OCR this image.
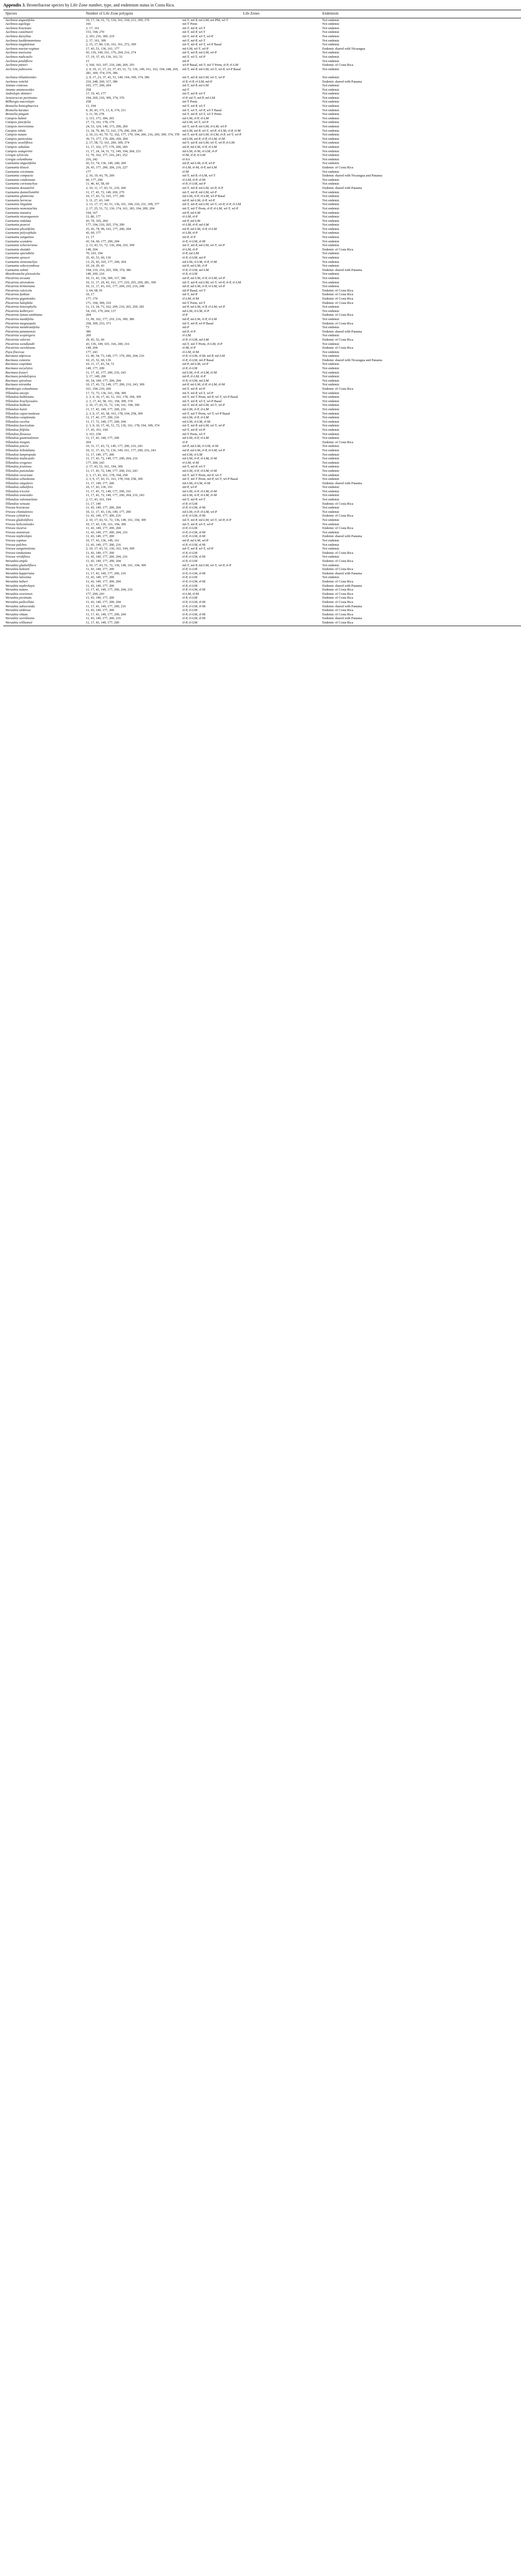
Appendix 3. Bromeliaceae species by Life Zone number, type, and endemism status in Costa Rica.

Species	Number of Life Zone polygons	Life Zones	Endemism
Aechmea angustifolia	10, 17, 34, 51, 72, 136, 161, 194, 231, 309, 370	mf-T, mf-P, mf-LM, mf-PM, wf-T	Not endemic
Aechmea aquilega	166	mf-T Prem	Not endemic
Aechmea bracteata	2, 17, 161	mf-T, mf-P, wf-T	Not endemic
Aechmea castelnavii	153, 194, 270	mf-T, mf-P, wf-T	Not endemic
Aechmea dactylina	2, 103, 216, 309, 219	mf-T, mf-P, wf-T, wf-P	Not endemic
Aechmea lueddemanniana	2, 17, 161, 309	mf-T, mf-P, wf-T	Not endemic
Aechmea magdalenae	2, 15, 17, 80, 136, 161, 161, 272, 309	mf-T, mf-P, wf-T, wf-P Basal	Not endemic
Aechmea mariae-reginae	17, 43, 51, 136, 161, 177	mf-LM, wf-T, wf-P	Endemic shared with Nicaragua
Aechmea mexicana	43, 136, 149, 161, 176, 204, 216, 274	mf-T, mf-P, mf-LM, wf-P	Not endemic
Aechmea nudicaulis	17, 19, 37, 43, 136, 161, 51	mf-T, wf-T, wf-P	Not endemic
Aechmea pendiflora	15	mf-P	Not endemic
Aechmea pittieri	3, 160, 161, 197, 210, 240, 269, 293	wf-P Basal, mf-T, mf-T Prem, rf-P, rf-LM	Endemic of Costa Rica
Aechmea pubescens	2, 9, 10, 11, 17, 23, 37, 43, 51, 72, 136, 149, 161, 163, 194, 248, 269, 281, 309, 374, 376, 386	mf-T, mf-P, mf-LM, wf-T, wf-P, wf-P Basal	Not endemic
Aechmea tillandsioides	2, 9, 17, 23, 37, 43, 51, 149, 194, 309, 374, 386	mf-T, mf-P, mf-LM, wf-T, wf-P	Not endemic
Aechmea veitchii	210, 248, 269, 317, 386	rf-P, rf-P, rf-LM, mf-P	Endemic shared with Panama
Ananas comosus	165, 177, 200, 204	mf-T, mf-P, mf-LM	Not endemic
Ananas ananassoides	258	mf-T	Not endemic
Androlepis skinneri	17, 19, 43, 177	mf-T, mf-P, wf-T	Not endemic
Araeococcus pectinatus	194, 269, 210, 309, 374, 376	rf-P, mf-T, mf-P, mf-LM	Not endemic
Billbergia macrolepis	258	mf-T Prem	Not endemic
Bromelia hemisphaerica	11, 194	mf-T, mf-P, wf-T	Not endemic
Bromelia karatas	9, 20, 43, 171, 13, 8, 174, 211	mf-T, wf-T, wf-P, wf-T Basal	Not endemic
Bromelia pinguin	3, 11, 50, 278	mf-T, mf-P, wf-T, wf-T Prem	Not endemic
Catopsis hahnii	3, 115, 173, 184, 265	mf-LM, rf-P, rf-LM	Not endemic
Catopsis juncifolia	17, 72, 161, 178, 179	mf-LM, wf-T, wf-P	Not endemic
Catopsis morreniana	24, 53, 124, 149, 173, 200, 269	mf-T, mf-P, mf-LM, rf-LM, wf-P	Not endemic
Catopsis nitida	11, 34, 79, 80, 72, 162, 179, 200, 204, 245	mf-LM, mf-P, wf-T, wf-P, rf-LM, rf-P, rf-M	Not endemic
Catopsis nutans	2, 10, 21, 43, 70, 72, 162, 177, 179, 194, 200, 216, 269, 309, 374, 378	mf-T, mf-P, mf-LM, rf-LM, rf-P, wf-T, wf-P	Not endemic
Catopsis paniculata	39, 73, 177, 179, 200, 269, 294	mf-LM, mf-P, rf-P, rf-LM, rf-M	Not endemic
Catopsis sessiliflora	2, 17, 58, 72, 161, 200, 309, 374	mf-T, mf-P, mf-LM, wf-T, wf-P, rf-LM	Not endemic
Catopsis subulata	11, 17, 162, 177, 179, 200, 269	mf-P, mf-LM, rf-P, rf-LM	Not endemic
Catopsis wangerinii	11, 17, 24, 34, 51, 72, 149, 194, 204, 231	mf-LM, rf-M, rf-LM, rf-P	Not endemic
Greigia sylvicola	11, 70, 162, 177, 216, 241, 252	rf-M, rf-P, rf-LM	Not endemic
Greigia columbiana	216, 242	rf-SA	Not endemic
Guzmania angustifolia	43, 51, 74, 136, 149, 249, 269	mf-P, mf-LM, rf-P, wf-P	Not endemic
Guzmania blassii	29, 43, 177, 200, 206, 216, 227	rf-LM, rf-M, rf-P, mf-LM	Endemic of Costa Rica
Guzmania circinnata	177	rf-M	Not endemic
Guzmania compacta	2, 10, 19, 43, 79, 200	mf-T, mf-P, rf-LM, wf-T	Endemic shared with Nicaragua and Panama
Guzmania condensata	60, 177, 200	rf-LM, rf-P, rf-M	Not endemic
Guzmania coriostachya	11, 40, 43, 58, 60	rf-P, rf-LM, mf-P	Not endemic
Guzmania desautelsii	2, 10, 11, 17, 43, 51, 210, 269	mf-T, mf-P, mf-LM, wf-P, rf-P	Endemic shared with Panama
Guzmania donnellsmithii	11, 17, 43, 72, 149, 269, 279	mf-T, mf-P, mf-LM, wf-P	Not endemic
Guzmania glomerata	10, 17, 43, 72, 165, 177, 200	mf-LM, rf-P, rf-LM, wf-P Basal	Not endemic
Guzmania herrerae	3, 11, 27, 43, 149	mf-P, mf-LM, rf-P, wf-P	Not endemic
Guzmania lingulata	3, 13, 17, 17, 43, 51, 136, 161, 194, 210, 231, 309, 377	mf-T, mf-P, mf-LM, wf-T, wf-P, rf-P, rf-LM	Not endemic
Guzmania monostachia	2, 17, 25, 51, 72, 136, 174, 161, 183, 194, 200, 204	mf-T, mf-T Prem, rf-P, rf-LM, wf-T, wf-P	Not endemic
Guzmania musaica	194, 167	mf-P, mf-LM	Not endemic
Guzmania nicaraguensis	11, 80, 177	rf-LM, rf-P	Not endemic
Guzmania nidulata	43, 70, 165, 204	mf-P, mf-LM	Not endemic
Guzmania pearcei	177, 194, 210, 265, 374, 200	rf-LM, rf-P, mf-LM	Not endemic
Guzmania plicatifolia	25, 43, 74, 99, 165, 177, 200, 204	mf-P, mf-LM, rf-P, rf-LM	Not endemic
Guzmania polycephala	43, 60, 177	rf-LM, rf-P	Not endemic
Guzmania sanguinea	11, 17	mf-P, rf-P	Not endemic
Guzmania scandens	43, 54, 60, 177, 200, 204	rf-P, rf-LM, rf-M	Not endemic
Guzmania scherzeriana	2, 13, 43, 51, 72, 136, 204, 210, 309	mf-T, mf-P, mf-LM, wf-T, wf-P	Not endemic
Guzmania skotakii	149, 204	rf-LM, rf-P	Endemic of Costa Rica
Guzmania spectabilis	70, 165, 194	rf-P, mf-LM	Not endemic
Guzmania sprucei	35, 43, 53, 60, 136	rf-P, rf-LM, mf-P	Not endemic
Guzmania stenostachya	13, 25, 43, 165, 177, 200, 204	mf-LM, rf-LM, rf-P, rf-M	Not endemic
Guzmania subcorymbosa	10, 24, 29, 43	mf-P, mf-LM, rf-P	Not endemic
Guzmania zahnii	194, 210, 216, 265, 309, 374, 386	rf-P, rf-LM, mf-LM	Endemic shared with Panama
Mezobromelia pleiosticha	149, 200, 210	rf-P, rf-LM	Not endemic
Pitcairnia arcuata	10, 11, 43, 136, 309, 317, 386	mf-P, mf-LM, rf-P, rf-LM, wf-P	Not endemic
Pitcairnia atrorubens	10, 11, 17, 29, 43, 161, 177, 210, 265, 269, 281, 309	mf-T, mf-P, mf-LM, wf-T, wf-P, rf-P, rf-LM	Not endemic
Pitcairnia brittoniana	10, 11, 17, 43, 161, 177, 204, 210, 216, 248	mf-P, mf-LM, rf-P, rf-LM, wf-P	Not endemic
Pitcairnia calcicola	3, 64, 68, 91	mf-P Basal, wf-T	Endemic of Costa Rica
Pitcairnia funkiae	10, 17	mf-T, mf-P	Endemic of Costa Rica
Pitcairnia gigantoides	177, 179	rf-LM, rf-M	Endemic of Costa Rica
Pitcairnia halophila	171, 194, 309, 210	mf-T Prem, wf-T	Endemic of Costa Rica
Pitcairnia heterophylla	11, 13, 24, 73, 162, 209, 210, 265, 269, 281	mf-P, mf-LM, rf-P, rf-LM, wf-P	Not endemic
Pitcairnia kalbreyeri	54, 165, 179, 204, 137	mf-LM, rf-LM, rf-P	Not endemic
Pitcairnia lyman-smithiana	204	rf-P	Endemic of Costa Rica
Pitcairnia maidifolia	11, 99, 162, 177, 210, 216, 309, 386	mf-P, mf-LM, rf-P, rf-LM	Not endemic
Pitcairnia megasepala	258, 309, 253, 373	mf-T, mf-P, wf-P Basal	Endemic of Costa Rica
Pitcairnia membranifolia	73	mf-P	Not endemic
Pitcairnia panamensis	386	mf-P, rf-P	Endemic shared with Panama
Pitcairnia sceptrigera	209	rf-LM	Not endemic
Pitcairnia valerioi	29, 43, 52, 60	rf-P, rf-LM, mf-LM	Endemic of Costa Rica
Pitcairnia wendlandii	43, 136, 149, 165, 166, 200, 216	mf-T, mf-T Prem, rf-LM, rf-P	Not endemic
Pitcairnia werckleana	149, 204	rf-M, rf-P	Endemic of Costa Rica
Puya floccosa	177, 243	rf-LM, rf-M	Not endemic
Racinaea adpressa	11, 40, 54, 73, 149, 177, 179, 200, 204, 216	rf-P, rf-LM, rf-M, mf-P, mf-LM	Not endemic
Racinaea contorta	10, 25, 52, 60, 136	rf-P, rf-LM, mf-P Basal	Endemic shared with Nicaragua and Panama
Racinaea cuspidata	10, 11, 17, 43, 54, 72	mf-P, mf-LM, wf-P	Not endemic
Racinaea euryelytra	149, 177, 200	rf-P, rf-LM	Not endemic
Racinaea fraseri	11, 17, 43, 177, 200, 216, 243	mf-LM, rf-P, rf-LM, rf-M	Not endemic
Racinaea pendulispica	3, 17, 149, 200	mf-P, rf-LM, rf-P	Not endemic
Racinaea spiculosa	43, 54, 149, 177, 200, 204	rf-P, rf-LM, mf-LM	Not endemic
Racinaea tetrantha	10, 17, 43, 72, 149, 177, 200, 216, 243, 309	mf-P, mf-LM, rf-P, rf-LM, rf-M	Not endemic
Ronnbergia columbiana	161, 194, 210, 269	mf-T, mf-P, wf-P	Endemic of Costa Rica
Tillandsia anceps	17, 72, 73, 136, 161, 194, 309	mf-T, mf-P, wf-T, wf-P	Not endemic
Tillandsia balbisiana	2, 3, 9, 10, 17, 43, 51, 161, 178, 194, 309	mf-T, mf-T Prem, mf-P, wf-T, wf-P Basal	Not endemic
Tillandsia brachycaulos	2, 3, 17, 43, 58, 161, 194, 309, 374	mf-T, mf-P, wf-T, wf-P Basal	Not endemic
Tillandsia bulbosa	2, 10, 17, 43, 51, 72, 136, 161, 194, 309	mf-T, mf-P, mf-LM, wf-T, wf-P	Not endemic
Tillandsia butzii	11, 17, 43, 149, 177, 200, 216	mf-LM, rf-P, rf-LM	Not endemic
Tillandsia caput-medusae	2, 3, 9, 17, 43, 58, 161, 178, 194, 258, 309	mf-T, mf-T Prem, wf-T, wf-P Basal	Not endemic
Tillandsia complanata	11, 17, 43, 177, 200, 216	mf-LM, rf-P, rf-LM	Not endemic
Tillandsia excelsa	11, 17, 72, 149, 177, 200, 204	mf-LM, rf-LM, rf-M	Not endemic
Tillandsia fasciculata	2, 3, 9, 10, 17, 43, 51, 72, 136, 161, 178, 194, 309, 374	mf-T, mf-P, mf-LM, wf-T, wf-P	Not endemic
Tillandsia filifolia	17, 43, 161, 194	mf-T, mf-P, wf-P	Not endemic
Tillandsia flexuosa	3, 161, 258	mf-T Prem, wf-T	Not endemic
Tillandsia guatemalensis	11, 17, 43, 149, 177, 200	mf-LM, rf-P, rf-LM	Not endemic
Tillandsia insignis	204	rf-P	Endemic of Costa Rica
Tillandsia juncea	10, 11, 17, 43, 72, 149, 177, 200, 216, 243	mf-P, mf-LM, rf-LM, rf-M	Not endemic
Tillandsia leiboldiana	10, 11, 17, 43, 72, 136, 149, 161, 177, 200, 216, 243	mf-P, mf-LM, rf-P, rf-LM, wf-P	Not endemic
Tillandsia lampropoda	11, 17, 149, 177, 200	mf-LM, rf-LM	Not endemic
Tillandsia multicaulis	11, 17, 43, 72, 149, 177, 200, 204, 216	mf-LM, rf-P, rf-LM, rf-M	Not endemic
Tillandsia orogenes	177, 200, 243	rf-LM, rf-M	Not endemic
Tillandsia pruinosa	2, 17, 43, 51, 161, 194, 309	mf-T, mf-P, wf-T	Not endemic
Tillandsia punctulata	11, 17, 43, 72, 149, 177, 200, 216, 243	mf-LM, rf-P, rf-LM, rf-M	Not endemic
Tillandsia recurvata	2, 3, 17, 43, 161, 178, 194, 258	mf-T, mf-T Prem, mf-P, wf-T	Not endemic
Tillandsia schiedeana	2, 3, 9, 17, 43, 51, 161, 178, 194, 258, 309	mf-T, mf-T Prem, mf-P, wf-T, wf-P Basal	Not endemic
Tillandsia singularis	11, 17, 149, 177, 200	mf-LM, rf-LM, rf-M	Endemic shared with Panama
Tillandsia subulifera	10, 17, 43, 136, 161	mf-P, wf-P	Not endemic
Tillandsia tricolor	11, 17, 43, 72, 149, 177, 200, 216	mf-LM, rf-P, rf-LM, rf-M	Not endemic
Tillandsia usneoides	11, 17, 43, 72, 149, 177, 200, 204, 216, 243	mf-LM, rf-P, rf-LM, rf-M	Not endemic
Tillandsia valenzuelana	2, 17, 43, 161, 194	mf-T, mf-P, wf-T	Not endemic
Tillandsia venusta	11, 17, 149	rf-P, rf-LM	Endemic of Costa Rica
Vriesea bracteosa	11, 43, 149, 177, 200, 204	rf-P, rf-LM, rf-M	Not endemic
Vriesea chontalensis	10, 11, 17, 43, 136, 149, 177, 200	mf-LM, rf-P, rf-LM, wf-P	Not endemic
Vriesea cylindrica	11, 43, 149, 177, 200, 216	rf-P, rf-LM, rf-M	Endemic of Costa Rica
Vriesea gladioliflora	2, 10, 17, 43, 51, 72, 136, 149, 161, 194, 309	mf-T, mf-P, mf-LM, wf-T, wf-P, rf-P	Not endemic
Vriesea heliconioides	10, 17, 43, 136, 161, 194, 309	mf-T, mf-P, wf-T, wf-P	Not endemic
Vriesea incurva	11, 43, 149, 177, 200, 204	rf-P, rf-LM	Endemic of Costa Rica
Vriesea monstrum	11, 43, 149, 177, 200, 204, 216	rf-P, rf-LM, rf-M	Not endemic
Vriesea nephrolepis	11, 43, 149, 177, 200	rf-P, rf-LM, rf-M	Endemic shared with Panama
Vriesea ospinae	10, 17, 43, 136, 149, 161	mf-P, mf-LM, wf-P	Not endemic
Vriesea pulchra	11, 43, 149, 177, 200, 216	rf-P, rf-LM, rf-M	Not endemic
Vriesea sanguinolenta	2, 10, 17, 43, 51, 136, 161, 194, 309	mf-T, mf-P, wf-T, wf-P	Not endemic
Vriesea tonduziana	11, 43, 149, 177, 200	rf-P, rf-LM	Endemic of Costa Rica
Vriesea viridiflora	11, 43, 149, 177, 200, 204, 216	rf-P, rf-LM, rf-M	Not endemic
Werauhia ampla	11, 43, 149, 177, 200, 204	rf-P, rf-LM	Endemic of Costa Rica
Werauhia gladioliflora	2, 10, 17, 43, 51, 72, 136, 149, 161, 194, 309	mf-T, mf-P, mf-LM, wf-T, wf-P, rf-P	Not endemic
Werauhia haltonii	11, 43, 149, 177, 200	rf-P, rf-LM	Endemic of Costa Rica
Werauhia kupperiana	11, 17, 43, 149, 177, 200, 216	rf-P, rf-LM, rf-M	Endemic shared with Panama
Werauhia latissima	11, 43, 149, 177, 200	rf-P, rf-LM	Not endemic
Werauhia lutheri	11, 43, 149, 177, 200, 204	rf-P, rf-LM, rf-M	Endemic of Costa Rica
Werauhia nephrolepis	11, 43, 149, 177, 200	rf-P, rf-LM	Endemic shared with Panama
Werauhia nutans	11, 17, 43, 149, 177, 200, 204, 216	rf-P, rf-LM, rf-M	Endemic of Costa Rica
Werauhia ororiensis	177, 200, 243	rf-LM, rf-M	Endemic of Costa Rica
Werauhia pectinata	11, 43, 149, 177, 200	rf-P, rf-LM	Endemic of Costa Rica
Werauhia pedicellata	11, 43, 149, 177, 200, 204	rf-P, rf-LM, rf-M	Endemic of Costa Rica
Werauhia subsecunda	11, 17, 43, 149, 177, 200, 216	rf-P, rf-LM, rf-M	Endemic shared with Panama
Werauhia umbrosa	11, 43, 149, 177, 200	rf-P, rf-LM	Endemic of Costa Rica
Werauhia vittata	11, 17, 43, 149, 177, 200, 204	rf-P, rf-LM, rf-M	Endemic of Costa Rica
Werauhia werckleana	11, 43, 149, 177, 200, 216	rf-P, rf-LM, rf-M	Endemic shared with Panama
Werauhia williamsii	11, 17, 43, 149, 177, 200	rf-P, rf-LM	Endemic of Costa Rica
